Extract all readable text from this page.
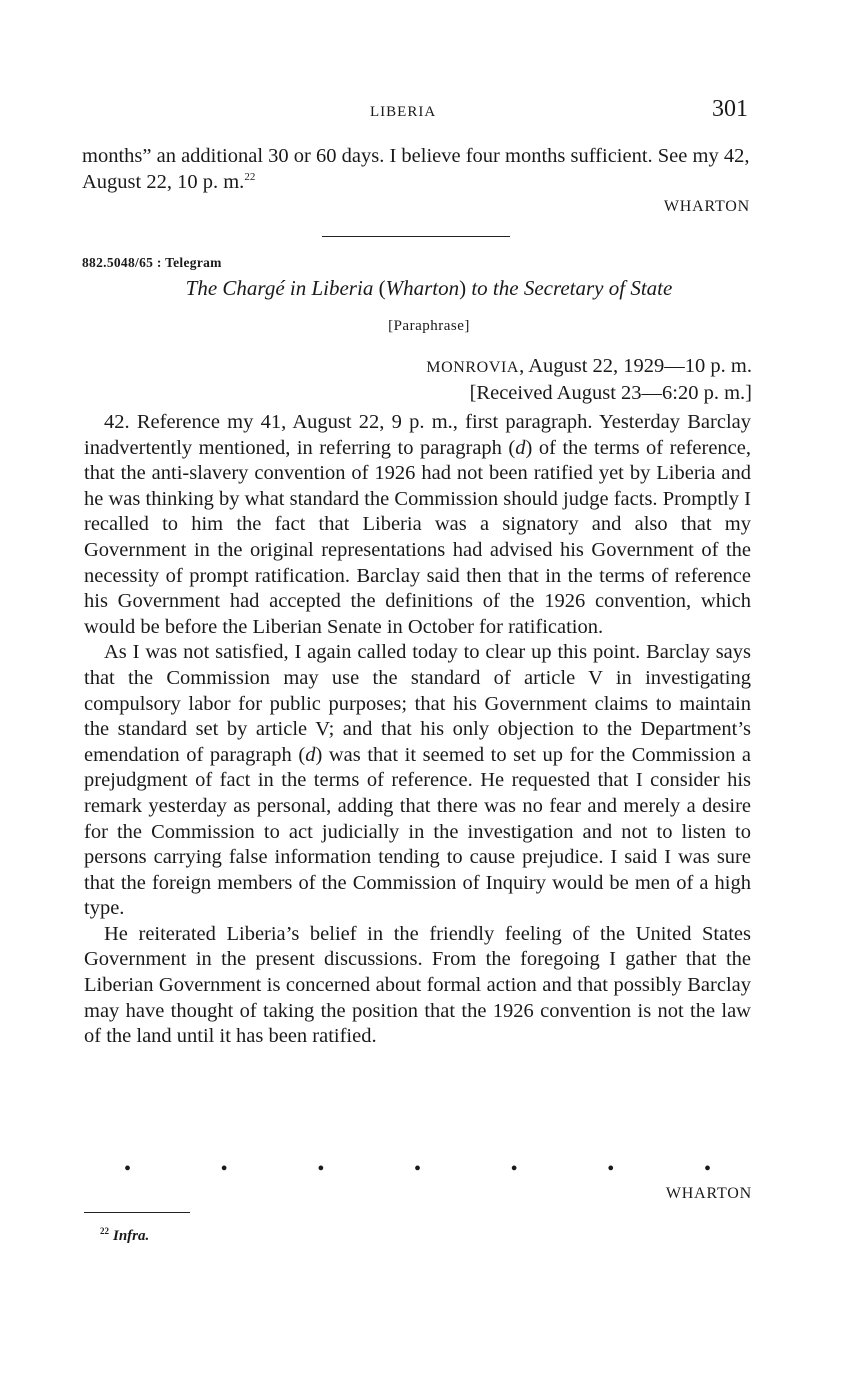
LIBERIA	301
months” an additional 30 or 60 days. I believe four months sufficient. See my 42, August 22, 10 p. m.$^{22}$
WHARTON
882.5048/65 : Telegram
The Chargé in Liberia (Wharton) to the Secretary of State
[Paraphrase]
MONROVIA, August 22, 1929—10 p. m.
[Received August 23—6:20 p. m.]

42. Reference my 41, August 22, 9 p. m., first paragraph. Yesterday Barclay inadvertently mentioned, in referring to paragraph (d) of the terms of reference, that the anti-slavery convention of 1926 had not been ratified yet by Liberia and he was thinking by what standard the Commission should judge facts. Promptly I recalled to him the fact that Liberia was a signatory and also that my Government in the original representations had advised his Government of the necessity of prompt ratification. Barclay said then that in the terms of reference his Government had accepted the definitions of the 1926 convention, which would be before the Liberian Senate in October for ratification.

As I was not satisfied, I again called today to clear up this point. Barclay says that the Commission may use the standard of article V in investigating compulsory labor for public purposes; that his Government claims to maintain the standard set by article V; and that his only objection to the Department’s emendation of paragraph (d) was that it seemed to set up for the Commission a prejudgment of fact in the terms of reference. He requested that I consider his remark yesterday as personal, adding that there was no fear and merely a desire for the Commission to act judicially in the investigation and not to listen to persons carrying false information tending to cause prejudice. I said I was sure that the foreign members of the Commission of Inquiry would be men of a high type.

He reiterated Liberia’s belief in the friendly feeling of the United States Government in the present discussions. From the foregoing I gather that the Liberian Government is concerned about formal action and that possibly Barclay may have thought of taking the position that the 1926 convention is not the law of the land until it has been ratified.

•	•	•	•	•	•	•
WHARTON
$^{22}$ Infra.
